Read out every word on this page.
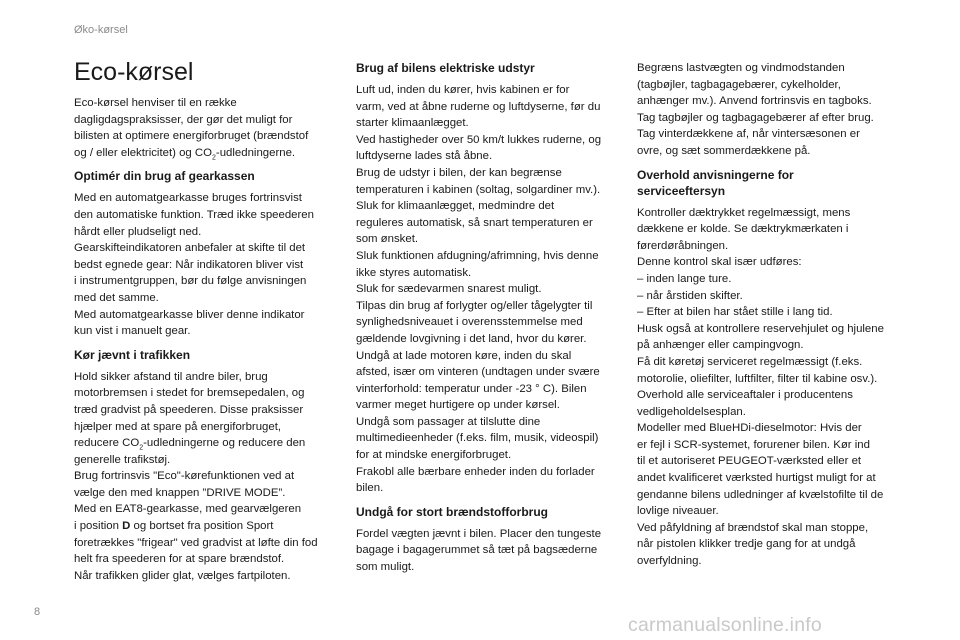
Øko-kørsel
Eco-kørsel
Eco-kørsel henviser til en række
dagligdagspraksisser, der gør det muligt for
bilisten at optimere energiforbruget (brændstof
og / eller elektricitet) og $CO_2$-udledningerne.
Optimér din brug af gearkassen
Med en automatgearkasse bruges fortrinsvist
den automatiske funktion. Træd ikke speederen
hårdt eller pludseligt ned.
Gearskifteindikatoren anbefaler at skifte til det
bedst egnede gear: Når indikatoren bliver vist
i instrumentgruppen, bør du følge anvisningen
med det samme.
Med automatgearkasse bliver denne indikator
kun vist i manuelt gear.

Kør jævnt i trafikken
Hold sikker afstand til andre biler, brug
motorbremsen i stedet for bremsepedalen, og
træd gradvist på speederen. Disse praksisser
hjælper med at spare på energiforbruget,
reducere $CO_2$-udledningerne og reducere den
generelle trafikstøj.
Brug fortrinsvis "Eco"-kørefunktionen ved at
vælge den med knappen ”DRIVE MODE”.
Med en EAT8-gearkasse, med gearvælgeren
i position D og bortset fra position Sport
foretrækkes "frigear" ved gradvist at løfte din fod
helt fra speederen for at spare brændstof.
Når trafikken glider glat, vælges fartpiloten.

Brug af bilens elektriske udstyr
Luft ud, inden du kører, hvis kabinen er for
varm, ved at åbne ruderne og luftdyserne, før du
starter klimaanlægget.
Ved hastigheder over 50 km/t lukkes ruderne, og
luftdyserne lades stå åbne.
Brug de udstyr i bilen, der kan begrænse
temperaturen i kabinen (soltag, solgardiner mv.).
Sluk for klimaanlægget, medmindre det
reguleres automatisk, så snart temperaturen er
som ønsket.
Sluk funktionen afdugning/afrimning, hvis denne
ikke styres automatisk.
Sluk for sædevarmen snarest muligt.
Tilpas din brug af forlygter og/eller tågelygter til
synlighedsniveauet i overensstemmelse med
gældende lovgivning i det land, hvor du kører.
Undgå at lade motoren køre, inden du skal
afsted, især om vinteren (undtagen under svære
vinterforhold: temperatur under -23 ° C). Bilen
varmer meget hurtigere op under kørsel.
Undgå som passager at tilslutte dine
multimedieenheder (f.eks. film, musik, videospil)
for at mindske energiforbruget.
Frakobl alle bærbare enheder inden du forlader
bilen.

Undgå for stort brændstofforbrug
Fordel vægten jævnt i bilen. Placer den tungeste
bagage i bagagerummet så tæt på bagsæderne
som muligt.

Begræns lastvægten og vindmodstanden
(tagbøjler, tagbagagebærer, cykelholder,
anhænger mv.). Anvend fortrinsvis en tagboks.
Tag tagbøjler og tagbagagebærer af efter brug.
Tag vinterdækkene af, når vintersæsonen er
ovre, og sæt sommerdækkene på.

Overhold anvisningerne for
serviceeftersyn
Kontroller dæktrykket regelmæssigt, mens
dækkene er kolde. Se dæktrykmærkaten i
førerdøråbningen.
Denne kontrol skal især udføres:
– inden lange ture.
– når årstiden skifter.
– Efter at bilen har stået stille i lang tid.
Husk også at kontrollere reservehjulet og hjulene
på anhænger eller campingvogn.
Få dit køretøj serviceret regelmæssigt (f.eks.
motorolie, oliefilter, luftfilter, filter til kabine osv.).
Overhold alle serviceaftaler i producentens
vedligeholdelsesplan.
Modeller med BlueHDi-dieselmotor: Hvis der
er fejl i SCR-systemet, forurener bilen. Kør ind
til et autoriseret PEUGEOT-værksted eller et
andet kvalificeret værksted hurtigst muligt for at
gendanne bilens udledninger af kvælstofilte til de
lovlige niveauer.
Ved påfyldning af brændstof skal man stoppe,
når pistolen klikker tredje gang for at undgå
overfyldning.

8
carmanualsonline.info
